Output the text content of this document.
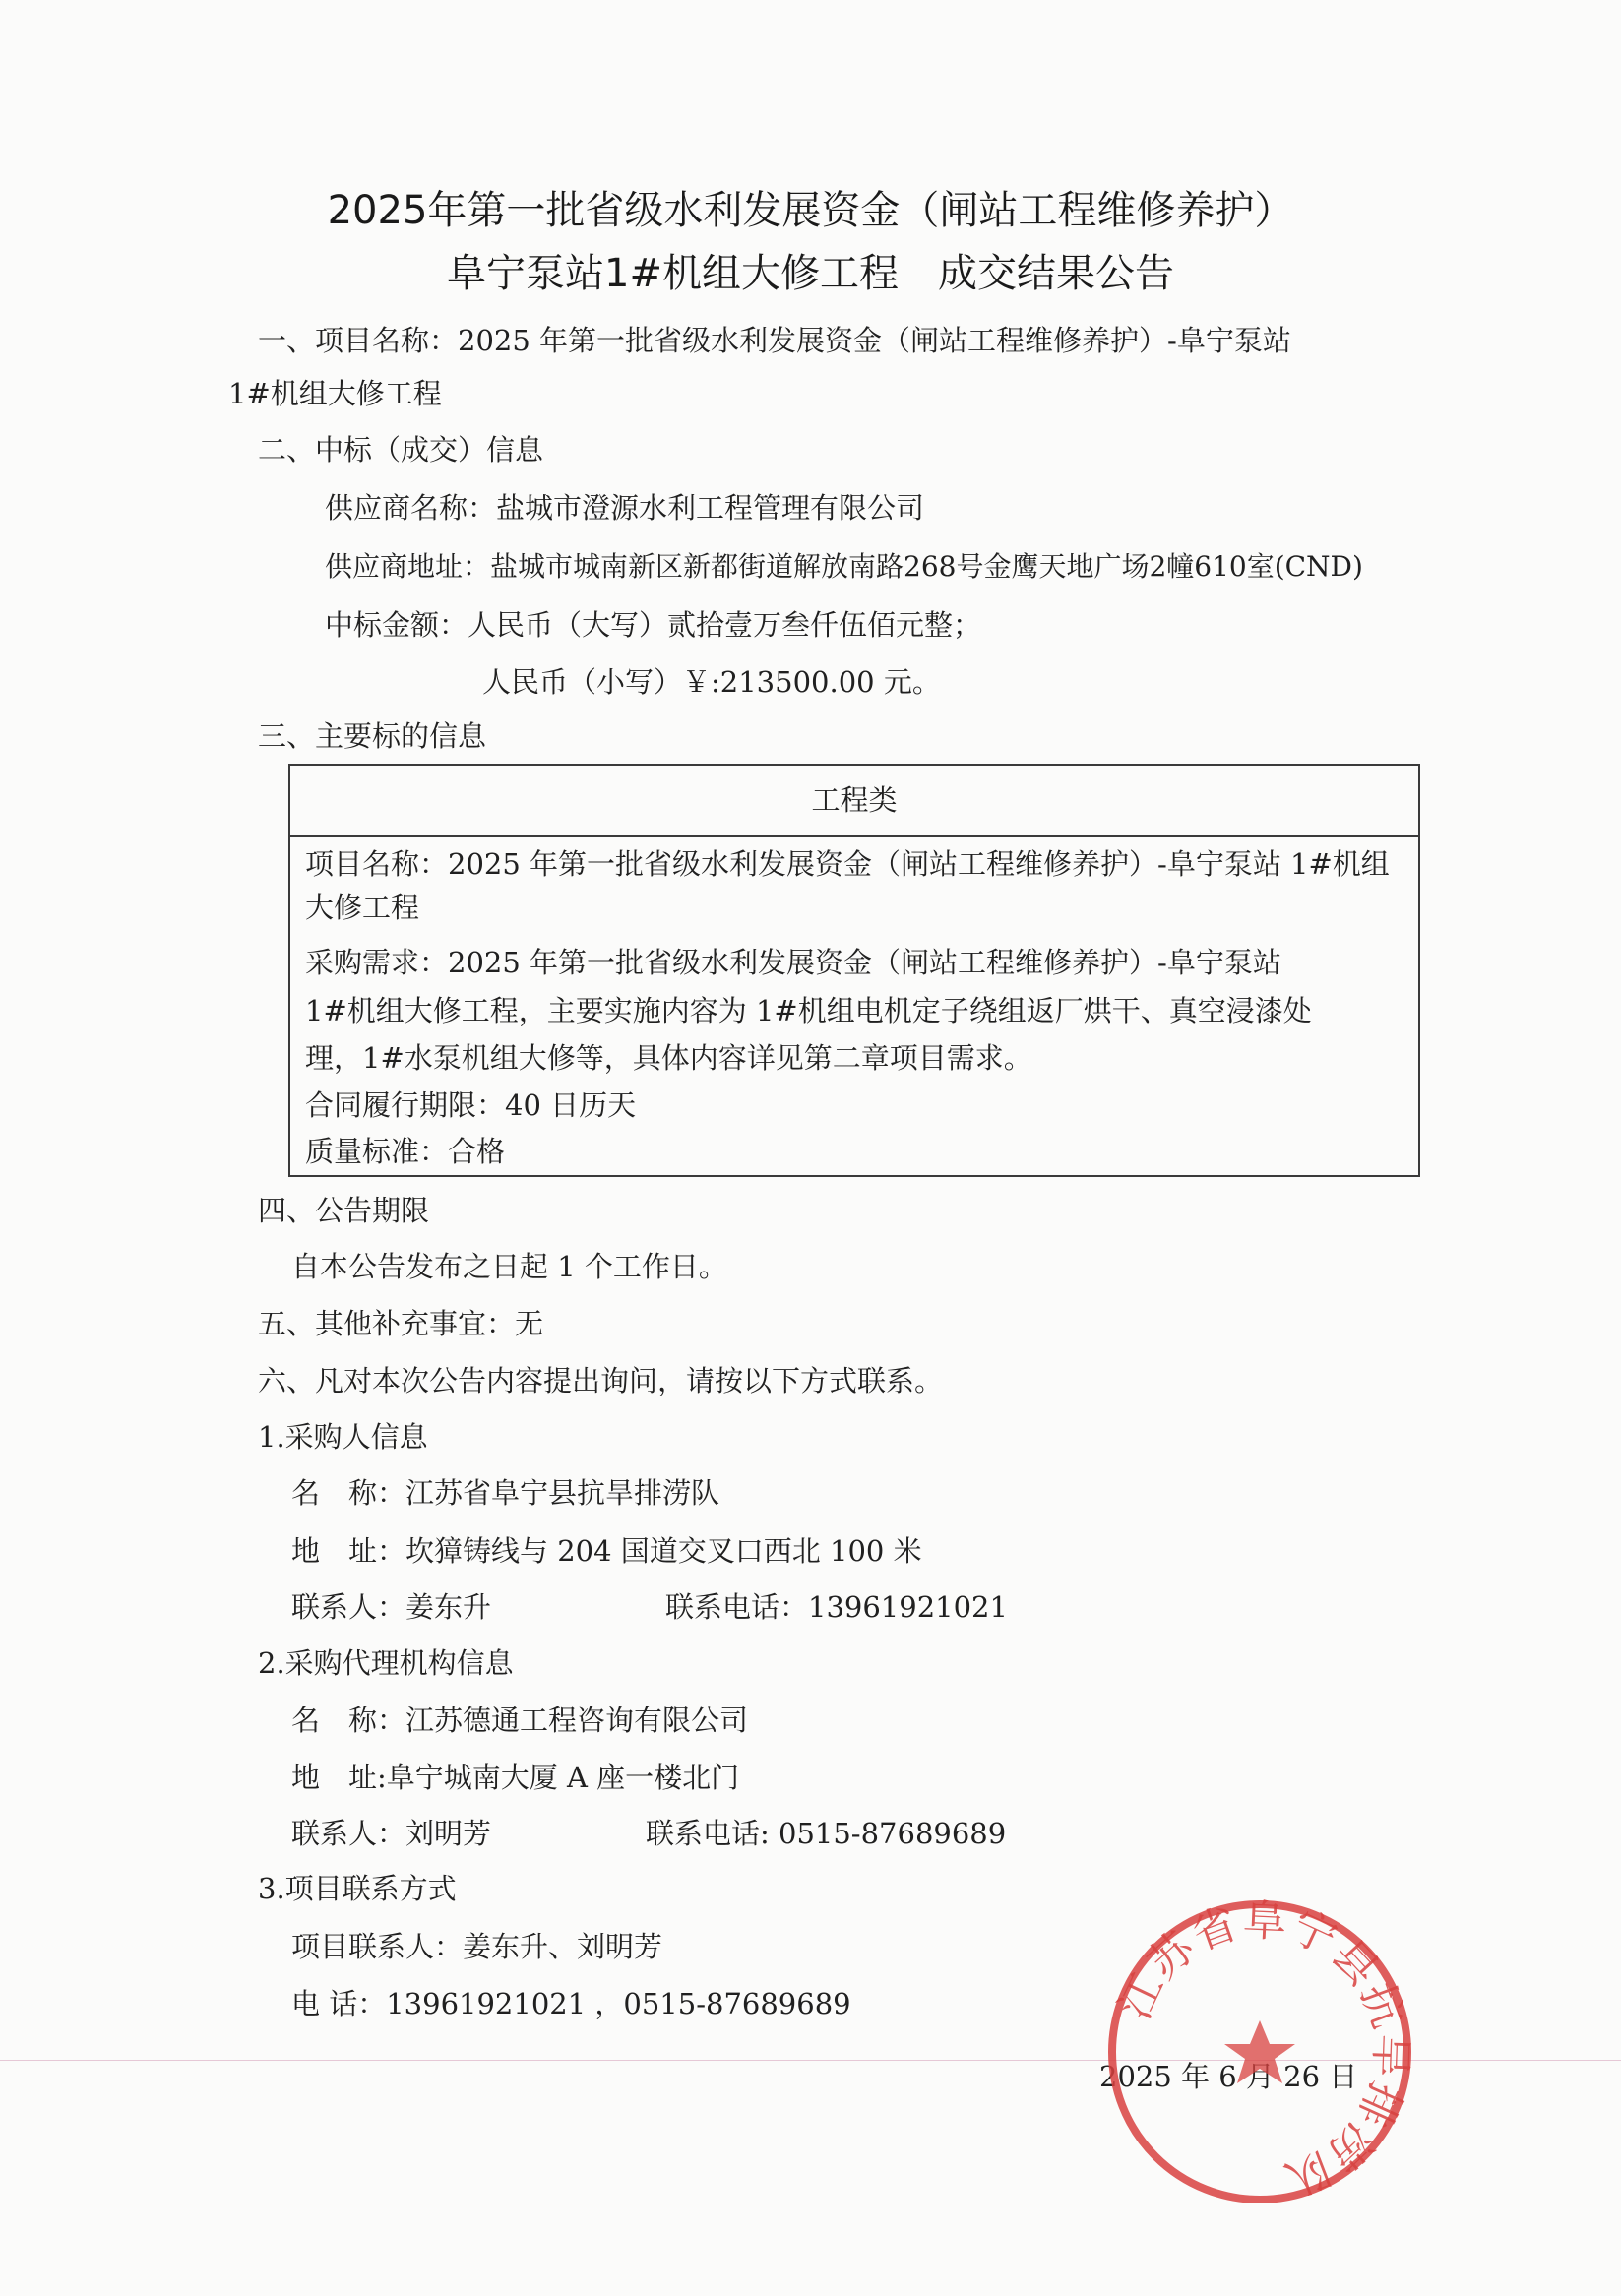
2025年第一批省级水利发展资金（闸站工程维修养护）
阜宁泵站1#机组大修工程　成交结果公告
一、项目名称：2025 年第一批省级水利发展资金（闸站工程维修养护）-阜宁泵站
1#机组大修工程
二、中标（成交）信息
供应商名称：盐城市澄源水利工程管理有限公司
供应商地址：盐城市城南新区新都街道解放南路268号金鹰天地广场2幢610室(CND)
中标金额：人民币（大写）贰拾壹万叁仟伍佰元整；
人民币（小写）￥:213500.00 元。
三、主要标的信息
工程类
项目名称：2025 年第一批省级水利发展资金（闸站工程维修养护）-阜宁泵站 1#机组
大修工程
采购需求：2025 年第一批省级水利发展资金（闸站工程维修养护）-阜宁泵站
1#机组大修工程，主要实施内容为 1#机组电机定子绕组返厂烘干、真空浸漆处
理，1#水泵机组大修等，具体内容详见第二章项目需求。
合同履行期限：40 日历天
质量标准：合格
四、公告期限
自本公告发布之日起 1 个工作日。
五、其他补充事宜：无
六、凡对本次公告内容提出询问，请按以下方式联系。
1.采购人信息
名　称：江苏省阜宁县抗旱排涝队
地　址：坎獐铸线与 204 国道交叉口西北 100 米
联系人：姜东升	联系电话：13961921021
2.采购代理机构信息
名　称：江苏德通工程咨询有限公司
地　址:阜宁城南大厦 A 座一楼北门
联系人：刘明芳	联系电话: 0515-87689689
3.项目联系方式
项目联系人：姜东升、刘明芳
电 话：13961921021 ，0515-87689689
2025 年 6 月 26 日
江苏省阜宁县抗旱排涝队
